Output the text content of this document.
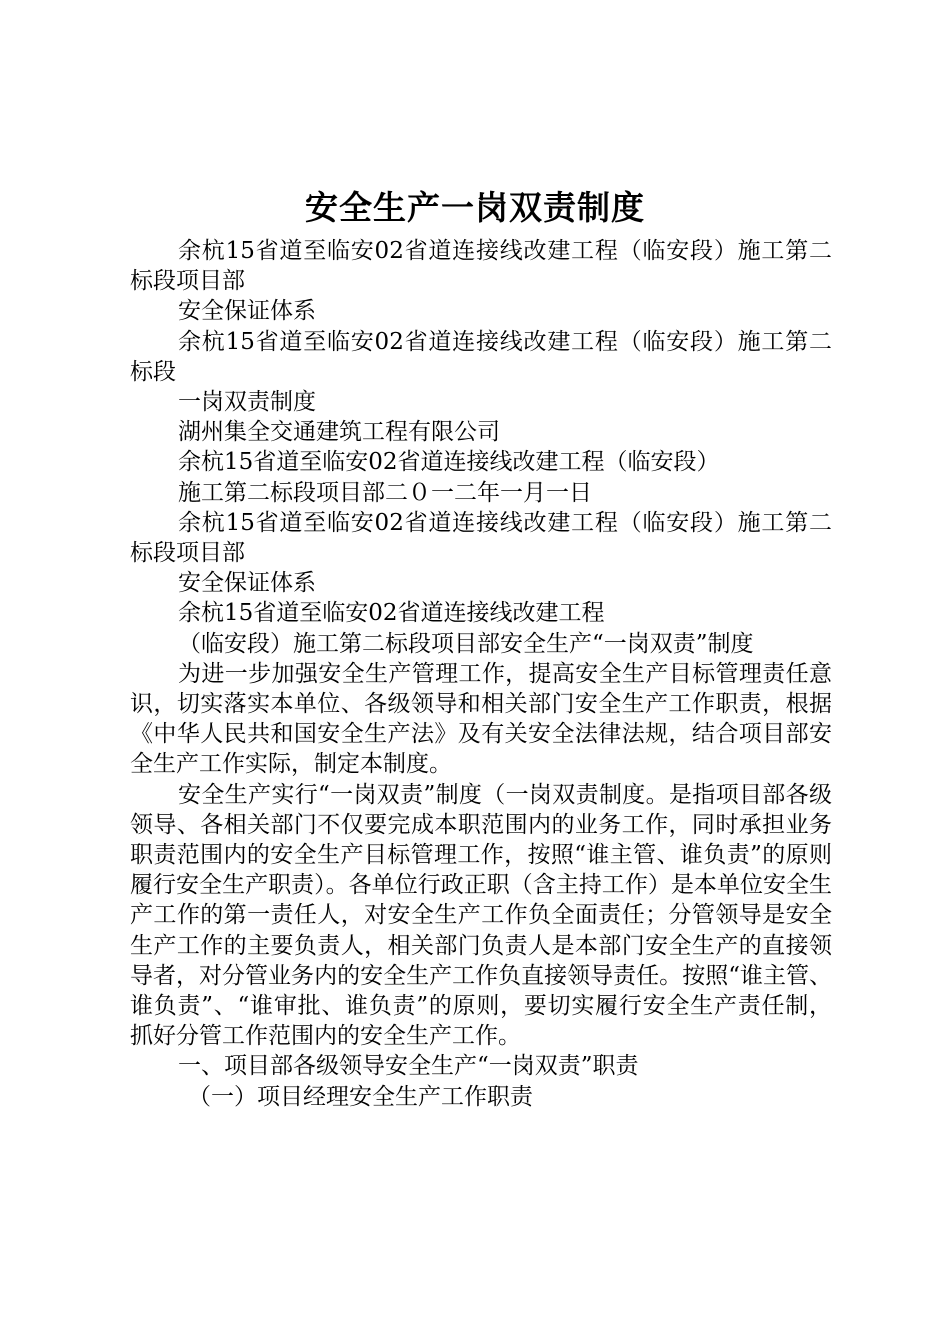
安全生产一岗双责制度

余杭15省道至临安02省道连接线改建工程（临安段）施工第二标段项目部

安全保证体系

余杭15省道至临安02省道连接线改建工程（临安段）施工第二标段

一岗双责制度

湖州集全交通建筑工程有限公司

余杭15省道至临安02省道连接线改建工程（临安段）

施工第二标段项目部二０一二年一月一日

余杭15省道至临安02省道连接线改建工程（临安段）施工第二标段项目部

安全保证体系

余杭15省道至临安02省道连接线改建工程

（临安段）施工第二标段项目部安全生产“一岗双责”制度

为进一步加强安全生产管理工作，提高安全生产目标管理责任意识，切实落实本单位、各级领导和相关部门安全生产工作职责，根据《中华人民共和国安全生产法》及有关安全法律法规，结合项目部安全生产工作实际，制定本制度。

安全生产实行“一岗双责”制度（一岗双责制度。是指项目部各级领导、各相关部门不仅要完成本职范围内的业务工作，同时承担业务职责范围内的安全生产目标管理工作，按照“谁主管、谁负责”的原则履行安全生产职责）。各单位行政正职（含主持工作）是本单位安全生产工作的第一责任人，对安全生产工作负全面责任；分管领导是安全生产工作的主要负责人，相关部门负责人是本部门安全生产的直接领导者，对分管业务内的安全生产工作负直接领导责任。按照“谁主管、谁负责”、“谁审批、谁负责”的原则，要切实履行安全生产责任制，抓好分管工作范围内的安全生产工作。

一、项目部各级领导安全生产“一岗双责”职责

（一）项目经理安全生产工作职责
